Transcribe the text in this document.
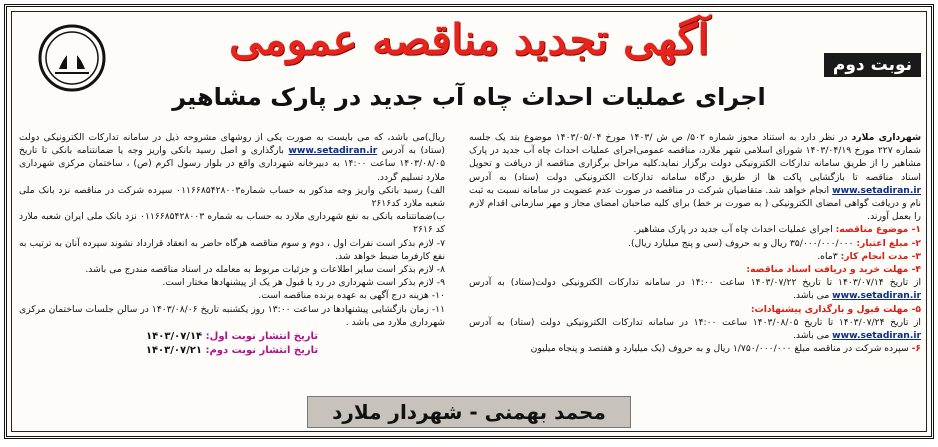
آگهی تجدید مناقصه عمومی
نوبت دوم
اجرای عملیات احداث چاه آب جدید در پارک مشاهیر

شهرداری ملارد در نظر دارد به استناد مجوز شماره ۵۰۲/ ص ش /۱۴۰۳ مورخ ۱۴۰۳/۰۵/۰۴ موضوع بند یک جلسه شماره ۲۲۷ مورخ ۱۴۰۳/۰۴/۱۹ شورای اسلامی شهر ملارد، مناقصه عمومی‌اجرای عملیات احداث چاه آب جدید در پارک مشاهیر را از طریق سامانه تدارکات الکترونیکی دولت برگزار نماید.کلیه مراحل برگزاری مناقصه از دریافت و تحویل اسناد مناقصه تا بازگشایی پاکت ها از طریق درگاه سامانه تدارکات الکترونیکی دولت (ستاد) به آدرس www.setadiran.ir انجام خواهد شد. متقاضیان شرکت در مناقصه در صورت عدم عضویت در سامانه نسبت به ثبت نام و دریافت گواهی امضای الکترونیکی ( به صورت بر خط) برای کلیه صاحبان امضای مجاز و مهر سازمانی اقدام لازم را بعمل آورند.

۱- موضوع مناقصه: اجرای عملیات احداث چاه آب جدید در پارک مشاهیر.

۲- مبلغ اعتبار: ۳۵/۰۰۰/۰۰۰/۰۰۰ ریال و به حروف (سی و پنج میلیارد ریال).

۳- مدت انجام کار: ۳ماه.

۴- مهلت خرید و دریافت اسناد مناقصه:

از تاریخ ۱۴۰۳/۰۷/۱۴ تا تاریخ ۱۴۰۳/۰۷/۲۲ ساعت ۱۴:۰۰ در سامانه تدارکات الکترونیکی دولت(ستاد) به آدرس www.setadiran.ir می باشد.

۵- مهلت قبول و بارگذاری پیشنهادات:

از تاریخ ۱۴۰۳/۰۷/۲۴ تا تاریخ ۱۴۰۳/۰۸/۰۵ ساعت ۱۴:۰۰ در سامانه تدارکات الکترونیکی دولت (ستاد) به آدرس www.setadiran.ir می باشد.

۶- سپرده شرکت در مناقصه مبلغ ۱/۷۵۰/۰۰۰/۰۰۰ ریال و به حروف (یک میلیارد و هفتصد و پنجاه میلیون

ریال)می باشد، که می بایست به صورت یکی از روشهای مشروحه ذیل در سامانه تدارکات الکترونیکی دولت (ستاد) به آدرس www.setadiran.ir بارگذاری و اصل رسید بانکی واریز وجه یا ضمانتنامه بانکی تا تاریخ ۱۴۰۳/۰۸/۰۵ ساعت ۱۴:۰۰ به دبیرخانه شهرداری واقع در بلوار رسول اکرم (ص) ، ساختمان مرکزی شهرداری ملارد تسلیم گردد.

الف) رسید بانکی واریز وجه مذکور به حساب شماره۰۱۱۶۶۸۵۴۲۸۰۰۳ سپرده شرکت در مناقصه نزد بانک ملی شعبه ملارد کد۲۶۱۶

ب)ضمانتنامه بانکی به نفع شهرداری ملارد به حساب به شماره ۰۱۱۶۶۸۵۴۲۸۰۰۳ نزد بانک ملی ایران شعبه ملارد کد ۲۶۱۶

۷- لازم بذکر است نفرات اول ، دوم و سوم مناقصه هرگاه حاضر به انعقاد قرارداد نشوند سپرده آنان به ترتیب به نفع کارفرما ضبط خواهد شد.

۸- لازم بذکر است سایر اطلاعات و جزئیات مربوط به معامله در اسناد مناقصه مندرج می باشد.

۹- لازم بذکر است شهرداری در رد یا قبول هر یک از پیشنهادها مختار است.

۱۰- هزینه درج آگهی به عهده برنده مناقصه است.

۱۱- زمان بازگشایی پیشنهادها در ساعت ۱۳:۰۰ روز یکشنبه تاریخ ۱۴۰۳/۰۸/۰۶ در سالن جلسات ساختمان مرکزی شهرداری ملارد می باشد .

تاریخ انتشار نوبت اول: ۱۴۰۳/۰۷/۱۴

تاریخ انتشار نوبت دوم: ۱۴۰۳/۰۷/۲۱

محمد بهمنی - شهردار ملارد
